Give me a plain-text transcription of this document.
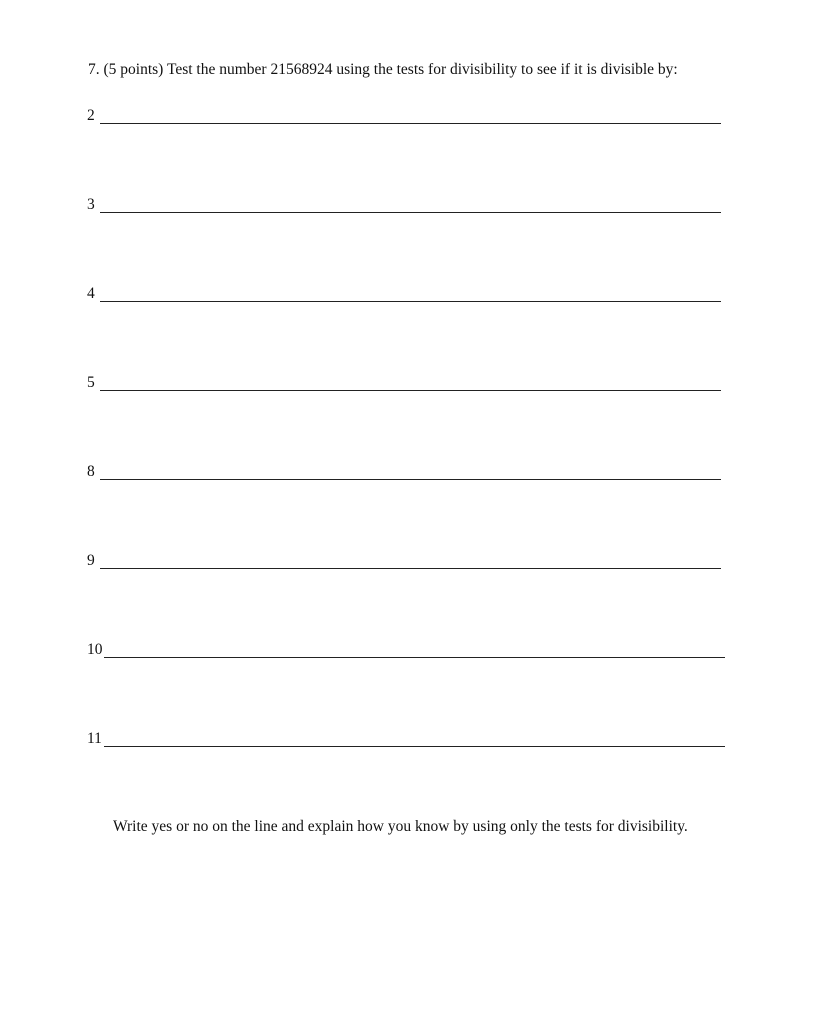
7. (5 points) Test the number 21568924 using the tests for divisibility to see if it is divisible by:
2
3
4
5
8
9
10
11
Write yes or no on the line and explain how you know by using only the tests for divisibility.
